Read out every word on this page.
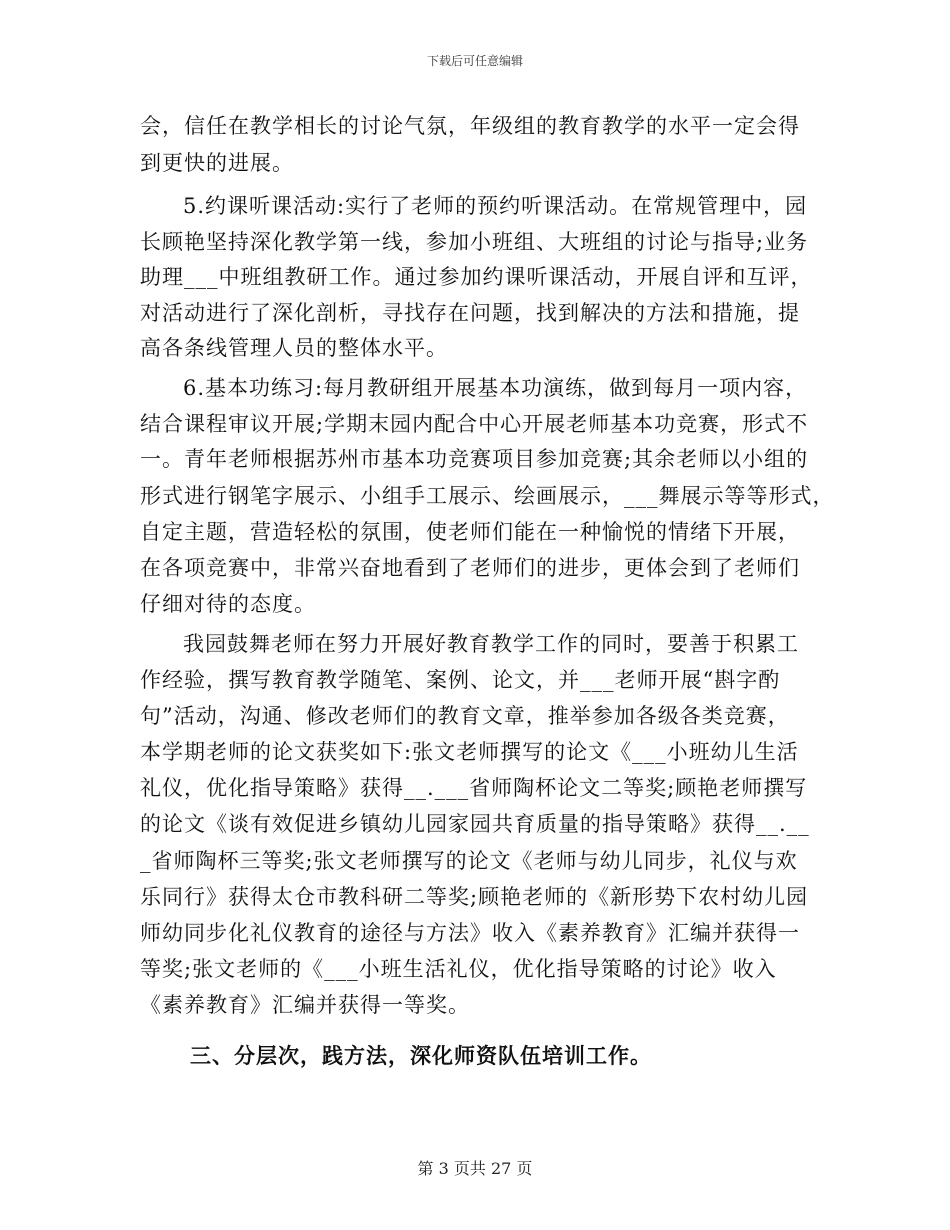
下载后可任意编辑
会，信任在教学相长的讨论气氛，年级组的教育教学的水平一定会得
到更快的进展。
5.约课听课活动:实行了老师的预约听课活动。在常规管理中，园
长顾艳坚持深化教学第一线，参加小班组、大班组的讨论与指导;业务
助理___中班组教研工作。通过参加约课听课活动，开展自评和互评，
对活动进行了深化剖析，寻找存在问题，找到解决的方法和措施，提
高各条线管理人员的整体水平。
6.基本功练习:每月教研组开展基本功演练，做到每月一项内容，
结合课程审议开展;学期末园内配合中心开展老师基本功竞赛，形式不
一。青年老师根据苏州市基本功竞赛项目参加竞赛;其余老师以小组的
形式进行钢笔字展示、小组手工展示、绘画展示，___舞展示等等形式，
自定主题，营造轻松的氛围，使老师们能在一种愉悦的情绪下开展，
在各项竞赛中，非常兴奋地看到了老师们的进步，更体会到了老师们
仔细对待的态度。
我园鼓舞老师在努力开展好教育教学工作的同时，要善于积累工
作经验，撰写教育教学随笔、案例、论文，并___老师开展“斟字酌
句”活动，沟通、修改老师们的教育文章，推举参加各级各类竞赛，
本学期老师的论文获奖如下:张文老师撰写的论文《___小班幼儿生活
礼仪，优化指导策略》获得__.___省师陶杯论文二等奖;顾艳老师撰写
的论文《谈有效促进乡镇幼儿园家园共育质量的指导策略》获得__.__
_省师陶杯三等奖;张文老师撰写的论文《老师与幼儿同步，礼仪与欢
乐同行》获得太仓市教科研二等奖;顾艳老师的《新形势下农村幼儿园
师幼同步化礼仪教育的途径与方法》收入《素养教育》汇编并获得一
等奖;张文老师的《___小班生活礼仪，优化指导策略的讨论》收入
《素养教育》汇编并获得一等奖。
三、分层次，践方法，深化师资队伍培训工作。
第 3 页共 27 页
